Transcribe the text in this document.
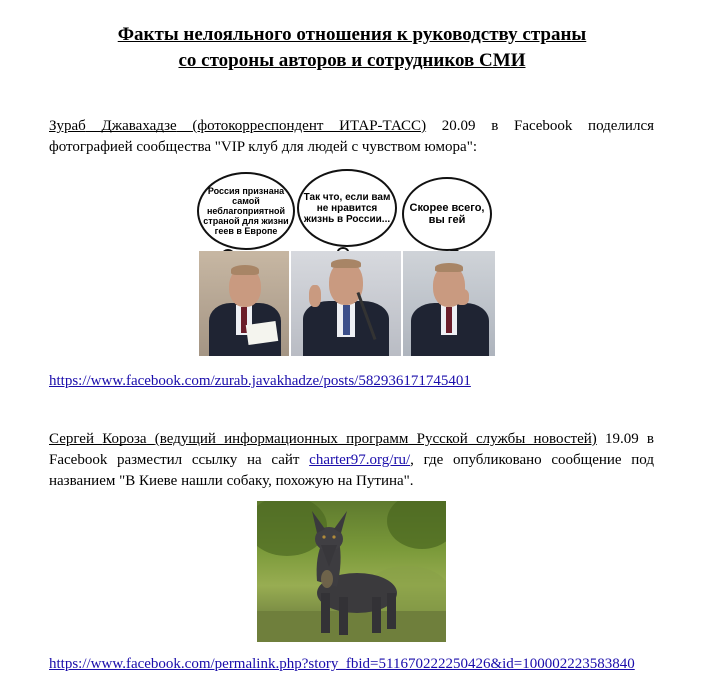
Факты нелояльного отношения к руководству страны
со стороны авторов и сотрудников СМИ
Зураб Джавахадзе (фотокорреспондент ИТАР-ТАСС) 20.09 в Facebook поделился фотографией сообщества "VIP клуб для людей с чувством юмора":
Россия признана самой неблагоприятной страной для жизни геев в Европе
Так что, если вам не нравится жизнь в России...
Скорее всего, вы гей
https://www.facebook.com/zurab.javakhadze/posts/582936171745401
Сергей Короза (ведущий информационных программ Русской службы новостей) 19.09 в Facebook разместил ссылку на сайт charter97.org/ru/, где опубликовано сообщение под названием "В Киеве нашли собаку, похожую на Путина".
https://www.facebook.com/permalink.php?story_fbid=511670222250426&id=100002223583840
